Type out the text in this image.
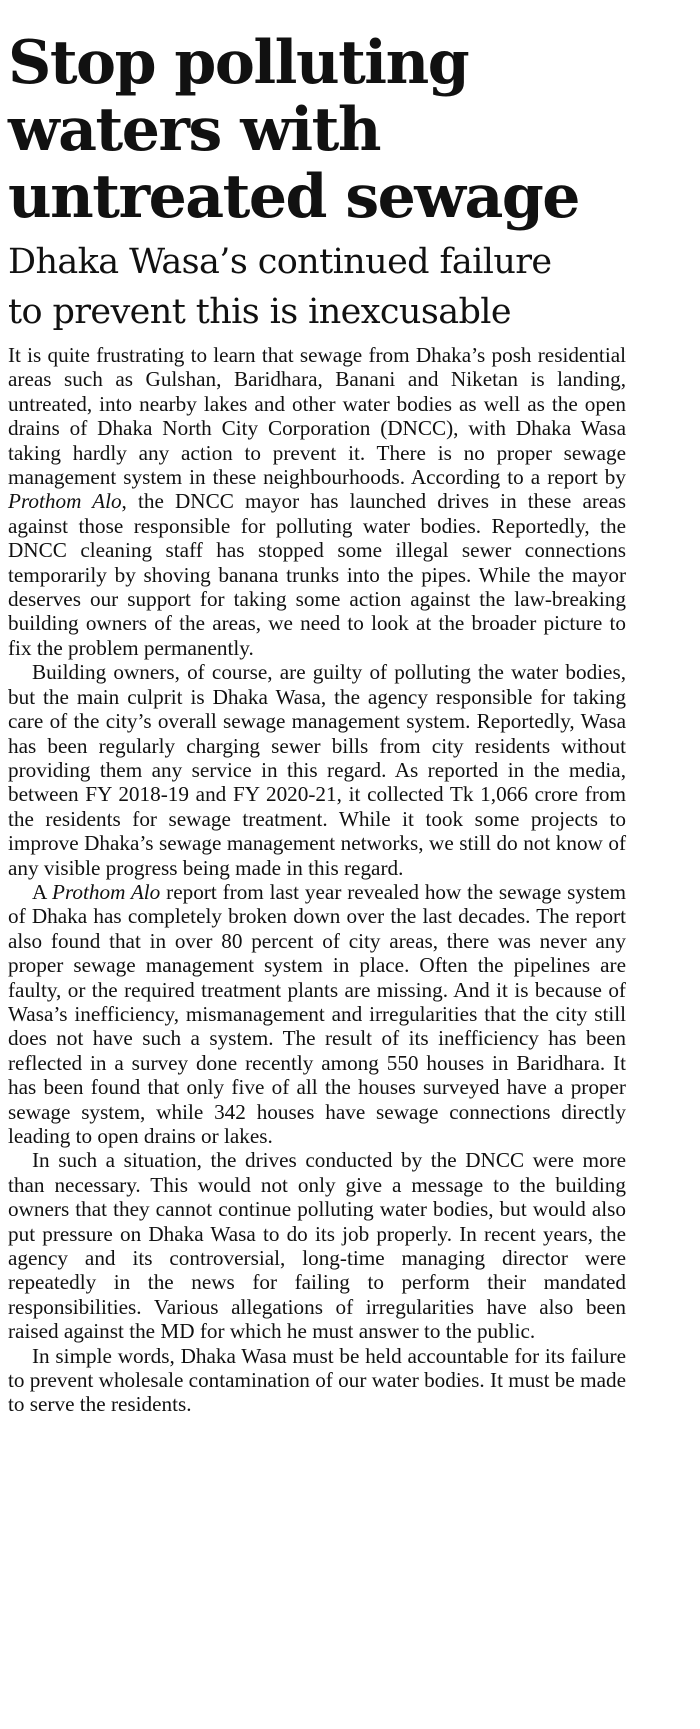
Stop polluting
waters with
untreated sewage
Dhaka Wasa’s continued failure
to prevent this is inexcusable

It is quite frustrating to learn that sewage from Dhaka’s posh residential areas such as Gulshan, Baridhara, Banani and Niketan is landing, untreated, into nearby lakes and other water bodies as well as the open drains of Dhaka North City Corporation (DNCC), with Dhaka Wasa taking hardly any action to prevent it. There is no proper sewage management system in these neighbourhoods. According to a report by Prothom Alo, the DNCC mayor has launched drives in these areas against those responsible for polluting water bodies. Reportedly, the DNCC cleaning staff has stopped some illegal sewer connections temporarily by shoving banana trunks into the pipes. While the mayor deserves our support for taking some action against the law-breaking building owners of the areas, we need to look at the broader picture to fix the problem permanently.

Building owners, of course, are guilty of polluting the water bodies, but the main culprit is Dhaka Wasa, the agency responsible for taking care of the city’s overall sewage management system. Reportedly, Wasa has been regularly charging sewer bills from city residents without providing them any service in this regard. As reported in the media, between FY 2018-19 and FY 2020-21, it collected Tk 1,066 crore from the residents for sewage treatment. While it took some projects to improve Dhaka’s sewage management networks, we still do not know of any visible progress being made in this regard.

A Prothom Alo report from last year revealed how the sewage system of Dhaka has completely broken down over the last decades. The report also found that in over 80 percent of city areas, there was never any proper sewage management system in place. Often the pipelines are faulty, or the required treatment plants are missing. And it is because of Wasa’s inefficiency, mismanagement and irregularities that the city still does not have such a system. The result of its inefficiency has been reflected in a survey done recently among 550 houses in Baridhara. It has been found that only five of all the houses surveyed have a proper sewage system, while 342 houses have sewage connections directly leading to open drains or lakes.

In such a situation, the drives conducted by the DNCC were more than necessary. This would not only give a message to the building owners that they cannot continue polluting water bodies, but would also put pressure on Dhaka Wasa to do its job properly. In recent years, the agency and its controversial, long-time managing director were repeatedly in the news for failing to perform their mandated responsibilities. Various allegations of irregularities have also been raised against the MD for which he must answer to the public.

In simple words, Dhaka Wasa must be held accountable for its failure to prevent wholesale contamination of our water bodies. It must be made to serve the residents.
